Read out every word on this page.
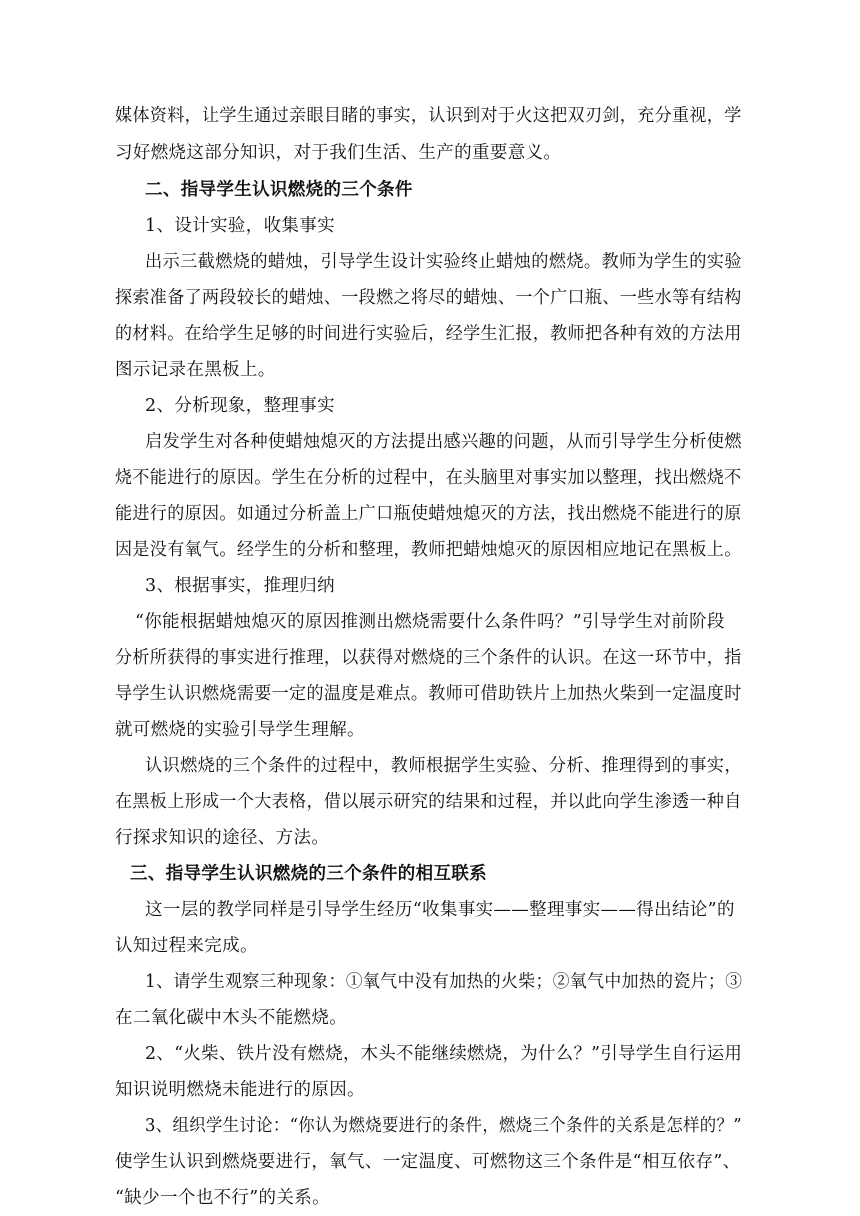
媒体资料，让学生通过亲眼目睹的事实，认识到对于火这把双刃剑，充分重视，学
习好燃烧这部分知识，对于我们生活、生产的重要意义。
二、指导学生认识燃烧的三个条件
1、设计实验，收集事实
出示三截燃烧的蜡烛，引导学生设计实验终止蜡烛的燃烧。教师为学生的实验
探索准备了两段较长的蜡烛、一段燃之将尽的蜡烛、一个广口瓶、一些水等有结构
的材料。在给学生足够的时间进行实验后，经学生汇报，教师把各种有效的方法用
图示记录在黑板上。
2、分析现象，整理事实
启发学生对各种使蜡烛熄灭的方法提出感兴趣的问题，从而引导学生分析使燃
烧不能进行的原因。学生在分析的过程中，在头脑里对事实加以整理，找出燃烧不
能进行的原因。如通过分析盖上广口瓶使蜡烛熄灭的方法，找出燃烧不能进行的原
因是没有氧气。经学生的分析和整理，教师把蜡烛熄灭的原因相应地记在黑板上。
3、根据事实，推理归纳
“你能根据蜡烛熄灭的原因推测出燃烧需要什么条件吗？”引导学生对前阶段
分析所获得的事实进行推理，以获得对燃烧的三个条件的认识。在这一环节中，指
导学生认识燃烧需要一定的温度是难点。教师可借助铁片上加热火柴到一定温度时
就可燃烧的实验引导学生理解。
认识燃烧的三个条件的过程中，教师根据学生实验、分析、推理得到的事实，
在黑板上形成一个大表格，借以展示研究的结果和过程，并以此向学生渗透一种自
行探求知识的途径、方法。
三、指导学生认识燃烧的三个条件的相互联系
这一层的教学同样是引导学生经历“收集事实——整理事实——得出结论”的
认知过程来完成。
1、请学生观察三种现象：①氧气中没有加热的火柴；②氧气中加热的瓷片；③
在二氧化碳中木头不能燃烧。
2、“火柴、铁片没有燃烧，木头不能继续燃烧，为什么？”引导学生自行运用
知识说明燃烧未能进行的原因。
3、组织学生讨论：“你认为燃烧要进行的条件，燃烧三个条件的关系是怎样的？”
使学生认识到燃烧要进行，氧气、一定温度、可燃物这三个条件是“相互依存”、
“缺少一个也不行”的关系。
